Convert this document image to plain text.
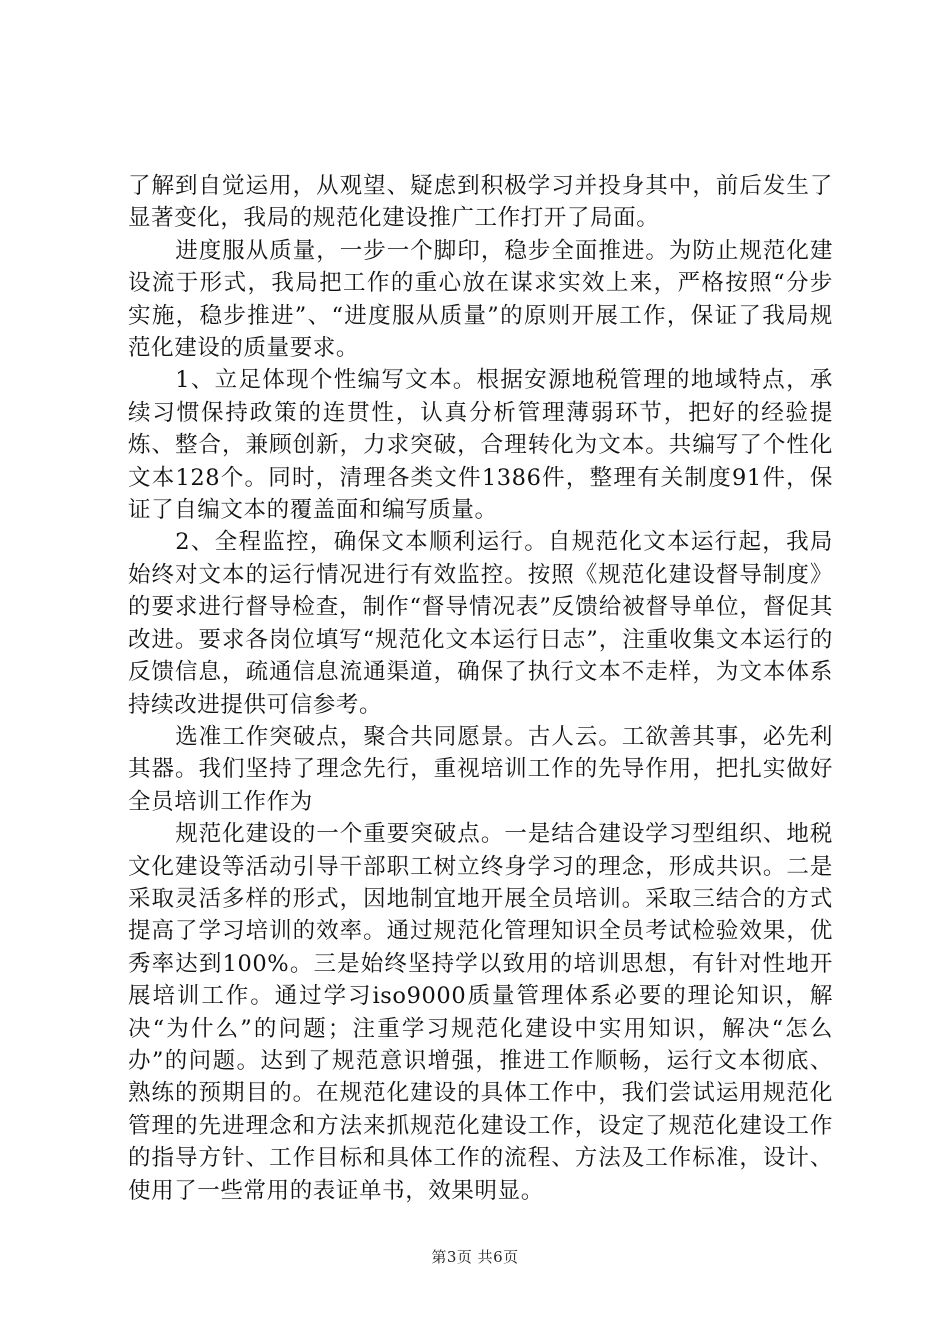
了解到自觉运用，从观望、疑虑到积极学习并投身其中，前后发生了显著变化，我局的规范化建设推广工作打开了局面。

进度服从质量，一步一个脚印，稳步全面推进。为防止规范化建设流于形式，我局把工作的重心放在谋求实效上来，严格按照“分步实施，稳步推进”、“进度服从质量”的原则开展工作，保证了我局规范化建设的质量要求。

1、立足体现个性编写文本。根据安源地税管理的地域特点，承续习惯保持政策的连贯性，认真分析管理薄弱环节，把好的经验提炼、整合，兼顾创新，力求突破，合理转化为文本。共编写了个性化文本128个。同时，清理各类文件1386件，整理有关制度91件，保证了自编文本的覆盖面和编写质量。

2、全程监控，确保文本顺利运行。自规范化文本运行起，我局始终对文本的运行情况进行有效监控。按照《规范化建设督导制度》的要求进行督导检查，制作“督导情况表”反馈给被督导单位，督促其改进。要求各岗位填写“规范化文本运行日志”，注重收集文本运行的反馈信息，疏通信息流通渠道，确保了执行文本不走样，为文本体系持续改进提供可信参考。

选准工作突破点，聚合共同愿景。古人云。工欲善其事，必先利其器。我们坚持了理念先行，重视培训工作的先导作用，把扎实做好全员培训工作作为

规范化建设的一个重要突破点。一是结合建设学习型组织、地税文化建设等活动引导干部职工树立终身学习的理念，形成共识。二是采取灵活多样的形式，因地制宜地开展全员培训。采取三结合的方式提高了学习培训的效率。通过规范化管理知识全员考试检验效果，优秀率达到100%。三是始终坚持学以致用的培训思想，有针对性地开展培训工作。通过学习iso9000质量管理体系必要的理论知识，解决“为什么”的问题；注重学习规范化建设中实用知识，解决“怎么办”的问题。达到了规范意识增强，推进工作顺畅，运行文本彻底、熟练的预期目的。在规范化建设的具体工作中，我们尝试运用规范化管理的先进理念和方法来抓规范化建设工作，设定了规范化建设工作的指导方针、工作目标和具体工作的流程、方法及工作标准，设计、使用了一些常用的表证单书，效果明显。

第3页 共6页
